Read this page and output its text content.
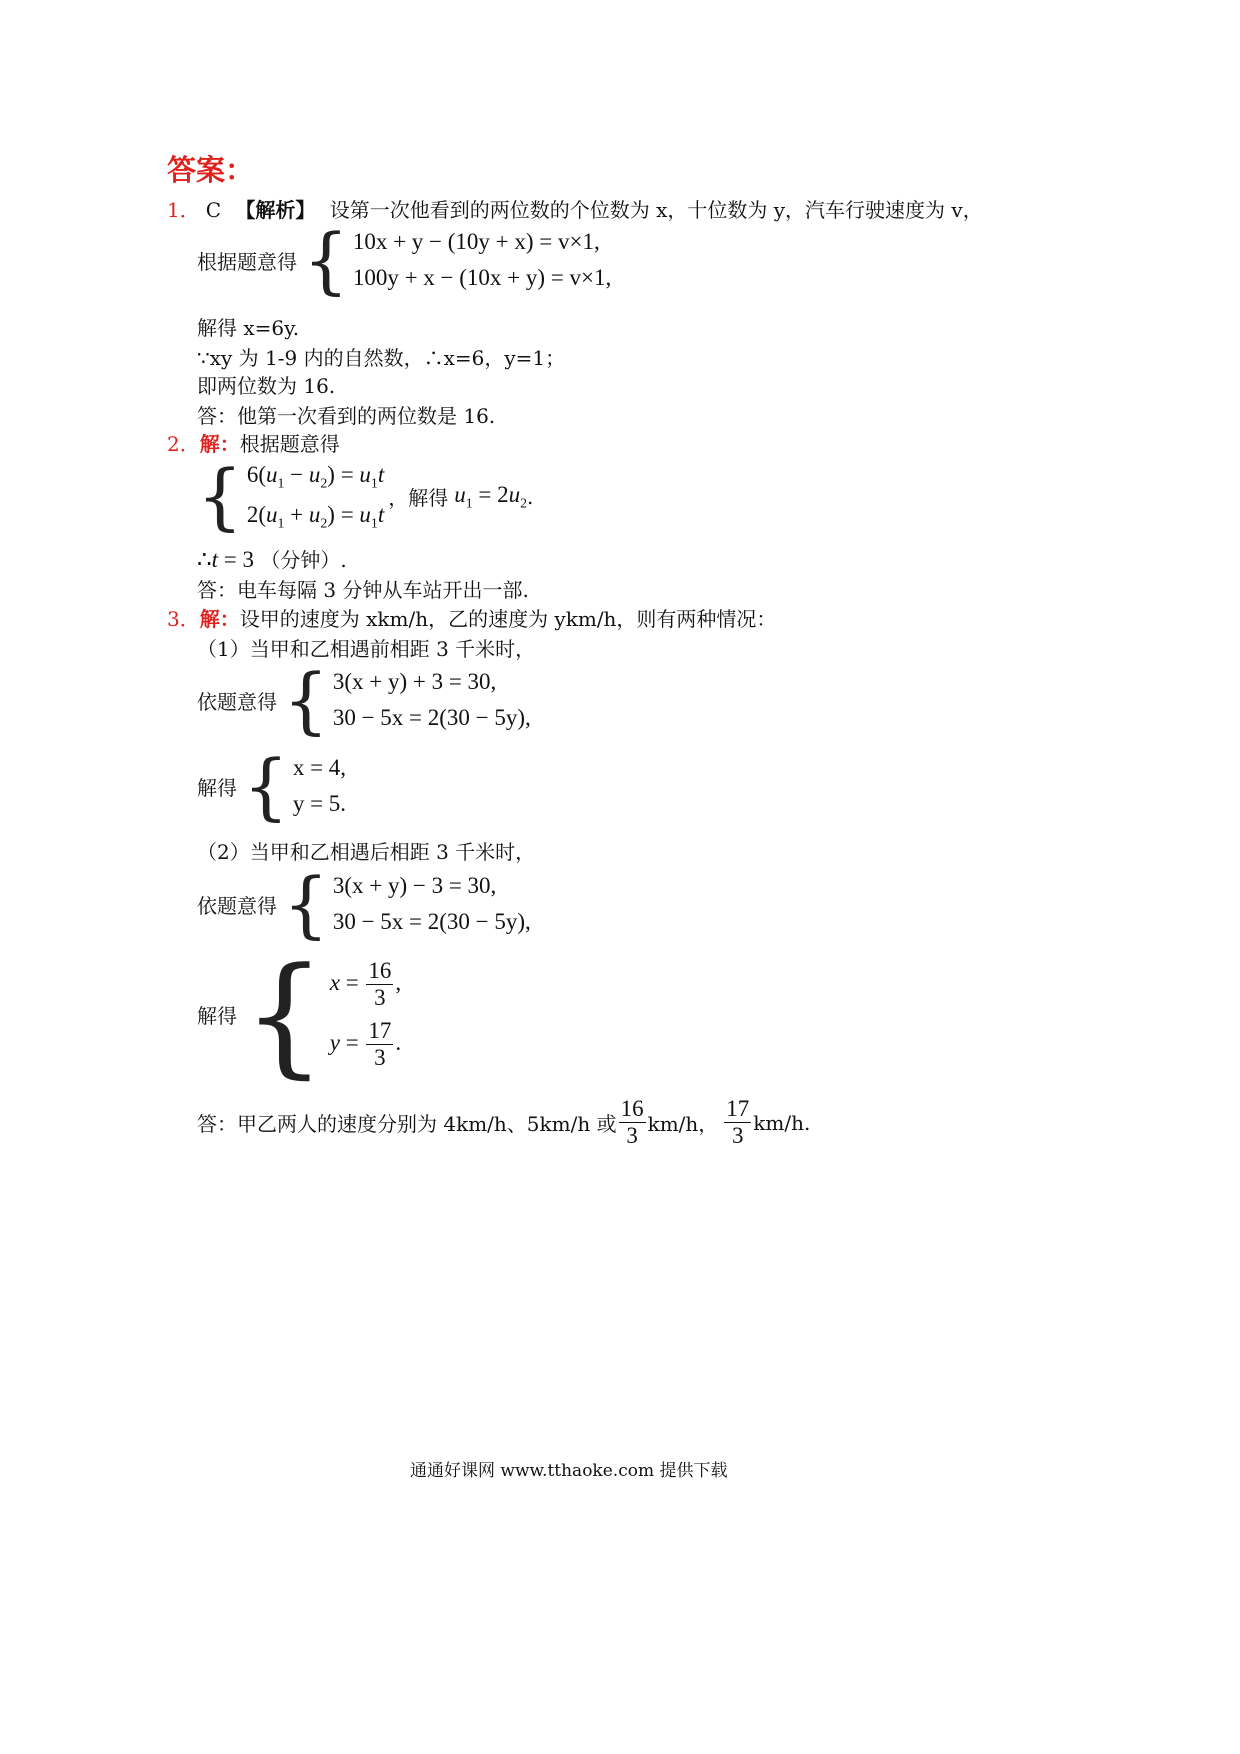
答案：
1． C 【解析】 设第一次他看到的两位数的个位数为 x，十位数为 y，汽车行驶速度为 v，
根据题意得 { 10x + y − (10y + x) = v×1,
100y + x − (10x + y) = v×1,
解得 x=6y.
∵xy 为 1-9 内的自然数，∴x=6，y=1；
即两位数为 16.
答：他第一次看到的两位数是 16.
2．解：根据题意得
{ $6(u_1 - u_2) = u_1t$
$2(u_1 + u_2) = u_1t$
，解得 $u_1 = 2u_2$ .
∴t = 3 （分钟）.
答：电车每隔 3 分钟从车站开出一部.
3．解：设甲的速度为 xkm/h，乙的速度为 ykm/h，则有两种情况：
（1）当甲和乙相遇前相距 3 千米时，
依题意得 { 3(x + y) + 3 = 30,
30 − 5x = 2(30 − 5y),
解得 { x = 4,
y = 5.
（2）当甲和乙相遇后相距 3 千米时，
依题意得 { 3(x + y) − 3 = 30,
30 − 5x = 2(30 − 5y),
解得 { $x = \frac{16}{3}$ ,
$y = \frac{17}{3}$ .
答：甲乙两人的速度分别为 4km/h、5km/h 或 $\frac{16}{3} km/h$， $\frac{17}{3} km/h$.
通通好课网 www.tthaoke.com 提供下载
